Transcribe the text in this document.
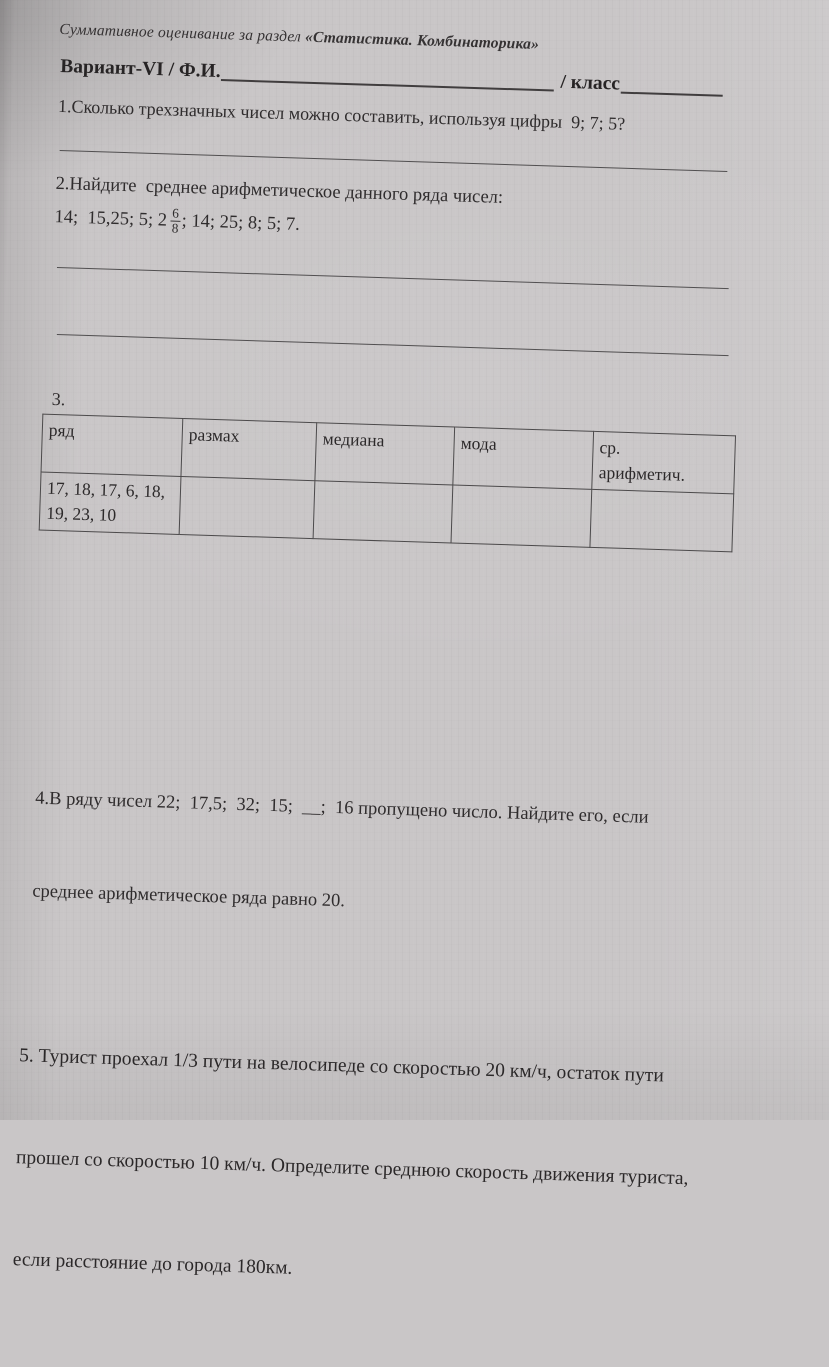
Суммативное оценивание за раздел «Статистика. Комбинаторика»
Вариант-VI / Ф.И.
/ класс
1.Сколько трехзначных чисел можно составить, используя цифры  9; 7; 5?
2.Найдите  среднее арифметическое данного ряда чисел:
14;  15,25; 5; $2 \frac{6}{8}$ ; 14; 25; 8; 5; 7.
3.
ряд	размах	медиана	мода	ср.
арифметич.
17, 18, 17, 6, 18, 19, 23, 10				

4.В ряду чисел 22;  17,5;  32;  15;  __;  16 пропущено число. Найдите его, если

среднее арифметическое ряда равно 20.

5. Турист проехал 1/3 пути на велосипеде со скоростью 20 км/ч, остаток пути

прошел со скоростью 10 км/ч. Определите среднюю скорость движения туриста,

если расстояние до города 180км.
